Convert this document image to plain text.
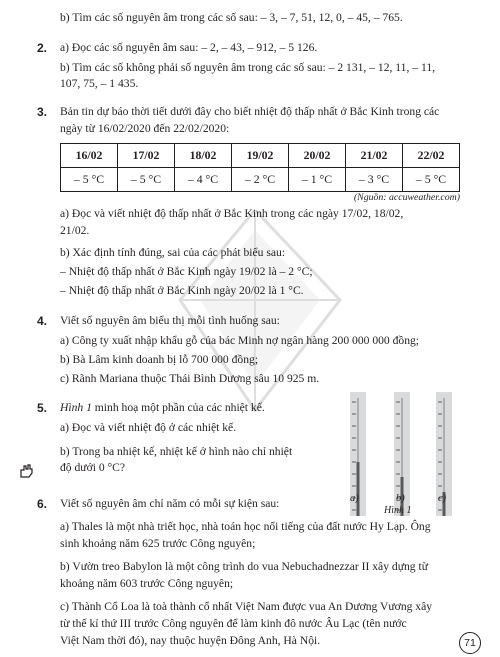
b) Tìm các số nguyên âm trong các số sau: – 3, – 7, 51, 12, 0, – 45, – 765.
2. a) Đọc các số nguyên âm sau: – 2, – 43, – 912, – 5 126.
b) Tìm các số không phải số nguyên âm trong các số sau: – 2 131, – 12, 11, – 11,
107, 75, – 1 435.
3. Bản tin dự báo thời tiết dưới đây cho biết nhiệt độ thấp nhất ở Bắc Kinh trong các
ngày từ 16/02/2020 đến 22/02/2020:
16/02	17/02	18/02	19/02	20/02	21/02	22/02
– 5 °C	– 5 °C	– 4 °C	– 2 °C	– 1 °C	– 3 °C	– 5 °C
(Nguồn: accuweather.com)
a) Đọc và viết nhiệt độ thấp nhất ở Bắc Kinh trong các ngày 17/02, 18/02,
21/02.
b) Xác định tính đúng, sai của các phát biểu sau:
– Nhiệt độ thấp nhất ở Bắc Kinh ngày 19/02 là – 2 °C;
– Nhiệt độ thấp nhất ở Bắc Kinh ngày 20/02 là 1 °C.
4. Viết số nguyên âm biểu thị mỗi tình huống sau:
a) Công ty xuất nhập khẩu gỗ của bác Minh nợ ngân hàng 200 000 000 đồng;
b) Bà Lâm kinh doanh bị lỗ 700 000 đồng;
c) Rãnh Mariana thuộc Thái Bình Dương sâu 10 925 m.
5. Hình 1 minh hoạ một phần của các nhiệt kế.
a) Đọc và viết nhiệt độ ở các nhiệt kế.
b) Trong ba nhiệt kế, nhiệt kế ở hình nào chỉ nhiệt
độ dưới 0 °C?
a)	b)	c)
Hình 1
6. Viết số nguyên âm chỉ năm có mỗi sự kiện sau:
a) Thales là một nhà triết học, nhà toán học nổi tiếng của đất nước Hy Lạp. Ông
sinh khoảng năm 625 trước Công nguyên;
b) Vườn treo Babylon là một công trình do vua Nebuchadnezzar II xây dựng từ
khoảng năm 603 trước Công nguyên;
c) Thành Cổ Loa là toà thành cổ nhất Việt Nam được vua An Dương Vương xây
từ thế kỉ thứ III trước Công nguyên để làm kinh đô nước Âu Lạc (tên nước
Việt Nam thời đó), nay thuộc huyện Đông Anh, Hà Nội.	71
